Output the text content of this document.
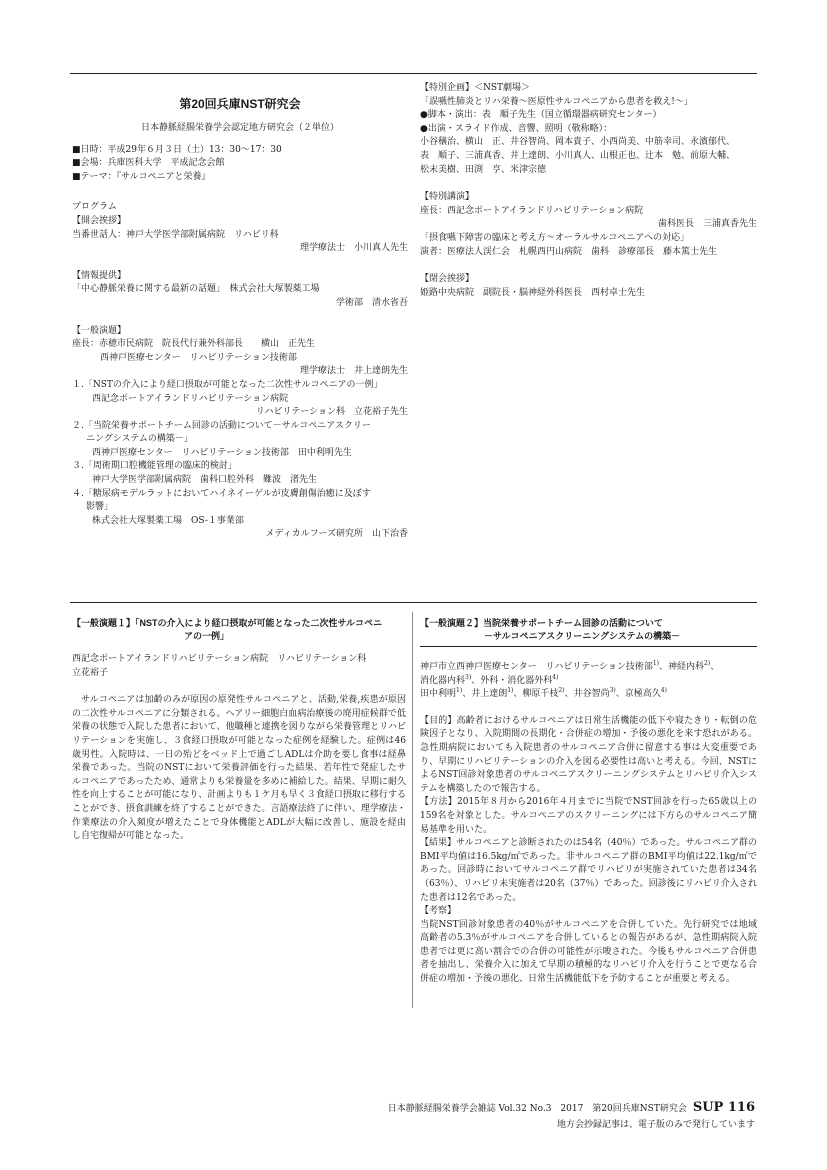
第20回兵庫NST研究会
日本静脈経腸栄養学会認定地方研究会（２単位）
■日時：平成29年６月３日（土）13：30〜17：30
■会場：兵庫医科大学　平成記念会館
■テーマ：『サルコペニアと栄養』
プログラム
【開会挨拶】
当番世話人：神戸大学医学部附属病院　リハビリ科
理学療法士　小川真人先生
【情報提供】
「中心静脈栄養に関する最新の話題」　株式会社大塚製薬工場
学術部　清水省吾
【一般演題】
座長：赤穂市民病院　院長代行兼外科部長　　横山　正先生
西神戸医療センター　リハビリテーション技術部
理学療法士　井上達朗先生
１.「NSTの介入により経口摂取が可能となった二次性サルコペニアの一例」
西記念ポートアイランドリハビリテーション病院
リハビリテーション科　立花裕子先生
２.「当院栄養サポートチーム回診の活動について－サルコペニアスクリー
ニングシステムの構築－」
西神戸医療センター　リハビリテーション技術部　田中利明先生
３.「周術期口腔機能管理の臨床的検討」
神戸大学医学部附属病院　歯科口腔外科　難波　渚先生
４.「糖尿病モデルラットにおいてハイネイーゲルが皮膚創傷治癒に及ぼす
影響」
株式会社大塚製薬工場　OS-１事業部
メディカルフーズ研究所　山下治香
【特別企画】＜NST劇場＞
「誤嚥性肺炎とリハ栄養〜医原性サルコペニアから患者を救え!〜」
●脚本・演出：表　順子先生（国立循環器病研究センター）
●出演・スライド作成、音響、照明（敬称略）：
小谷穣治、横山　正、井谷智尚、岡本貴子、小西尚美、中筋幸司、永濱郁代、
表　順子、三浦真香、井上達朗、小川真人、山根正也、辻本　勉、前原大輔、
松末美樹、田渕　亨、米津宗徳
【特別講演】
座長：西記念ポートアイランドリハビリテーション病院
歯科医長　三浦真香先生
「摂食嚥下障害の臨床と考え方〜オーラルサルコペニアへの対応」
演者：医療法人渓仁会　札幌西円山病院　歯科　診療部長　藤本篤士先生
【閉会挨拶】
姫路中央病院　副院長・脳神経外科医長　西村卓士先生
【一般演題１】「NSTの介入により経口摂取が可能となった二次性サルコペニ
アの一例」
西記念ポートアイランドリハビリテーション病院　リハビリテーション科
立花裕子

サルコペニアは加齢のみが原因の原発性サルコペニアと、活動,栄養,疾患が原因の二次性サルコペニアに分類される。ヘアリー細胞白血病治療後の廃用症候群で低栄養の状態で入院した患者において、他職種と連携を図りながら栄養管理とリハビリテーションを実施し、３食経口摂取が可能となった症例を経験した。症例は46歳男性。入院時は、一日の殆どをベッド上で過ごしADLは介助を要し食事は経鼻栄養であった。当院のNSTにおいて栄養評価を行った結果、若年性で発症したサルコペニアであったため、通常よりも栄養量を多めに補給した。結果、早期に耐久性を向上することが可能になり、計画よりも１ケ月も早く３食経口摂取に移行することができ、摂食訓練を終了することができた。言語療法終了に伴い、理学療法・作業療法の介入頻度が増えたことで身体機能とADLが大幅に改善し、施設を経由し自宅復帰が可能となった。

【一般演題２】当院栄養サポートチーム回診の活動について
－サルコペニアスクリーニングシステムの構築－
神戸市立西神戸医療センター　リハビリテーション技術部$^{1)}$、神経内科$^{2)}$、
消化器内科$^{3)}$、外科・消化器外科$^{4)}$
田中利明$^{1)}$、井上達朗$^{1)}$、柳原千枝$^{2)}$、井谷智尚$^{3)}$、京極高久$^{4)}$
【目的】高齢者におけるサルコペニアは日常生活機能の低下や寝たきり・転倒の危険因子となり、入院期間の長期化・合併症の増加・予後の悪化を来す恐れがある。急性期病院においても入院患者のサルコペニア合併に留意する事は大変重要であり、早期にリハビリテーションの介入を図る必要性は高いと考える。今回、NSTによるNST回診対象患者のサルコペニアスクリーニングシステムとリハビリ介入システムを構築したので報告する。
【方法】2015年８月から2016年４月までに当院でNST回診を行った65歳以上の159名を対象とした。サルコペニアのスクリーニングには下方らのサルコペニア簡易基準を用いた。
【結果】サルコペニアと診断されたのは54名（40％）であった。サルコペニア群のBMI平均値は16.5kg/㎡であった。非サルコペニア群のBMI平均値は22.1kg/㎡であった。回診時においてサルコペニア群でリハビリが実施されていた患者は34名（63％）、リハビリ未実施者は20名（37％）であった。回診後にリハビリ介入された患者は12名であった。
【考察】
当院NST回診対象患者の40％がサルコペニアを合併していた。先行研究では地域高齢者の5.3％がサルコペニアを合併しているとの報告があるが、急性期病院入院患者では更に高い割合での合併の可能性が示唆された。今後もサルコペニア合併患者を抽出し、栄養介入に加えて早期の積極的なリハビリ介入を行うことで更なる合併症の増加・予後の悪化、日常生活機能低下を予防することが重要と考える。
日本静脈経腸栄養学会雑誌 Vol.32 No.3　2017　第20回兵庫NST研究会 SUP 116
地方会抄録記事は、電子版のみで発行しています
